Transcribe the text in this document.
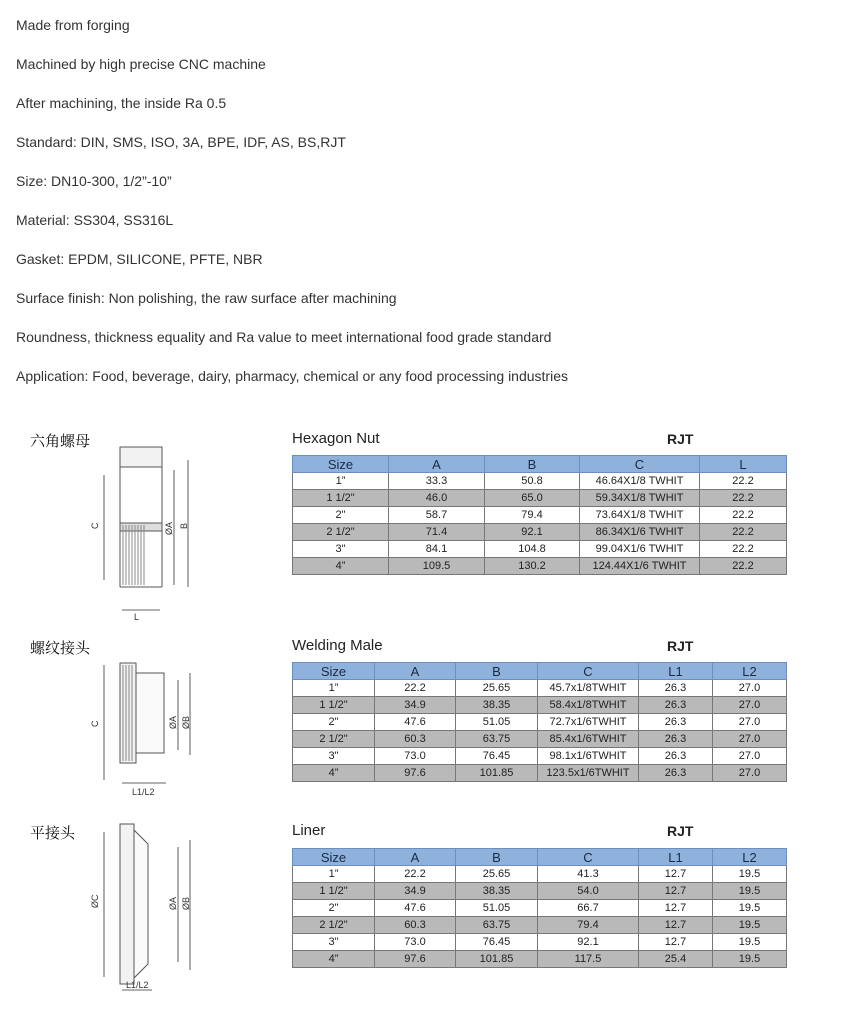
Made from forging
Machined by high precise CNC machine
After machining, the inside Ra 0.5
Standard: DIN, SMS, ISO, 3A, BPE, IDF, AS, BS,RJT
Size: DN10-300, 1/2”-10”
Material: SS304, SS316L
Gasket: EPDM, SILICONE, PFTE, NBR
Surface finish: Non polishing, the raw surface after machining
Roundness, thickness equality and Ra value to meet international food grade standard
Application: Food, beverage, dairy, pharmacy, chemical or any food processing industries
六角螺母	Hexagon Nut	RJT
C	ØA B
L
Size	A	B	C	L
1”	33.3	50.8	46.64X1/8 TWHIT	22.2
1 1/2"	46.0	65.0	59.34X1/8 TWHIT	22.2
2"	58.7	79.4	73.64X1/8 TWHIT	22.2
2 1/2"	71.4	92.1	86.34X1/6 TWHIT	22.2
3"	84.1	104.8	99.04X1/6 TWHIT	22.2
4”	109.5	130.2	124.44X1/6 TWHIT	22.2
螺纹接头	Welding Male	RJT
C	ØA ØB
L1/L2
Size	A	B	C	L1	L2
1”	22.2	25.65	45.7x1/8TWHIT	26.3	27.0
1 1/2"	34.9	38.35	58.4x1/8TWHIT	26.3	27.0
2"	47.6	51.05	72.7x1/6TWHIT	26.3	27.0
2 1/2"	60.3	63.75	85.4x1/6TWHIT	26.3	27.0
3"	73.0	76.45	98.1x1/6TWHIT	26.3	27.0
4”	97.6	101.85	123.5x1/6TWHIT	26.3	27.0
平接头	Liner	RJT
ØC	ØA ØB
L1/L2
Size	A	B	C	L1	L2
1”	22.2	25.65	41.3	12.7	19.5
1 1/2"	34.9	38.35	54.0	12.7	19.5
2"	47.6	51.05	66.7	12.7	19.5
2 1/2"	60.3	63.75	79.4	12.7	19.5
3"	73.0	76.45	92.1	12.7	19.5
4”	97.6	101.85	117.5	25.4	19.5
